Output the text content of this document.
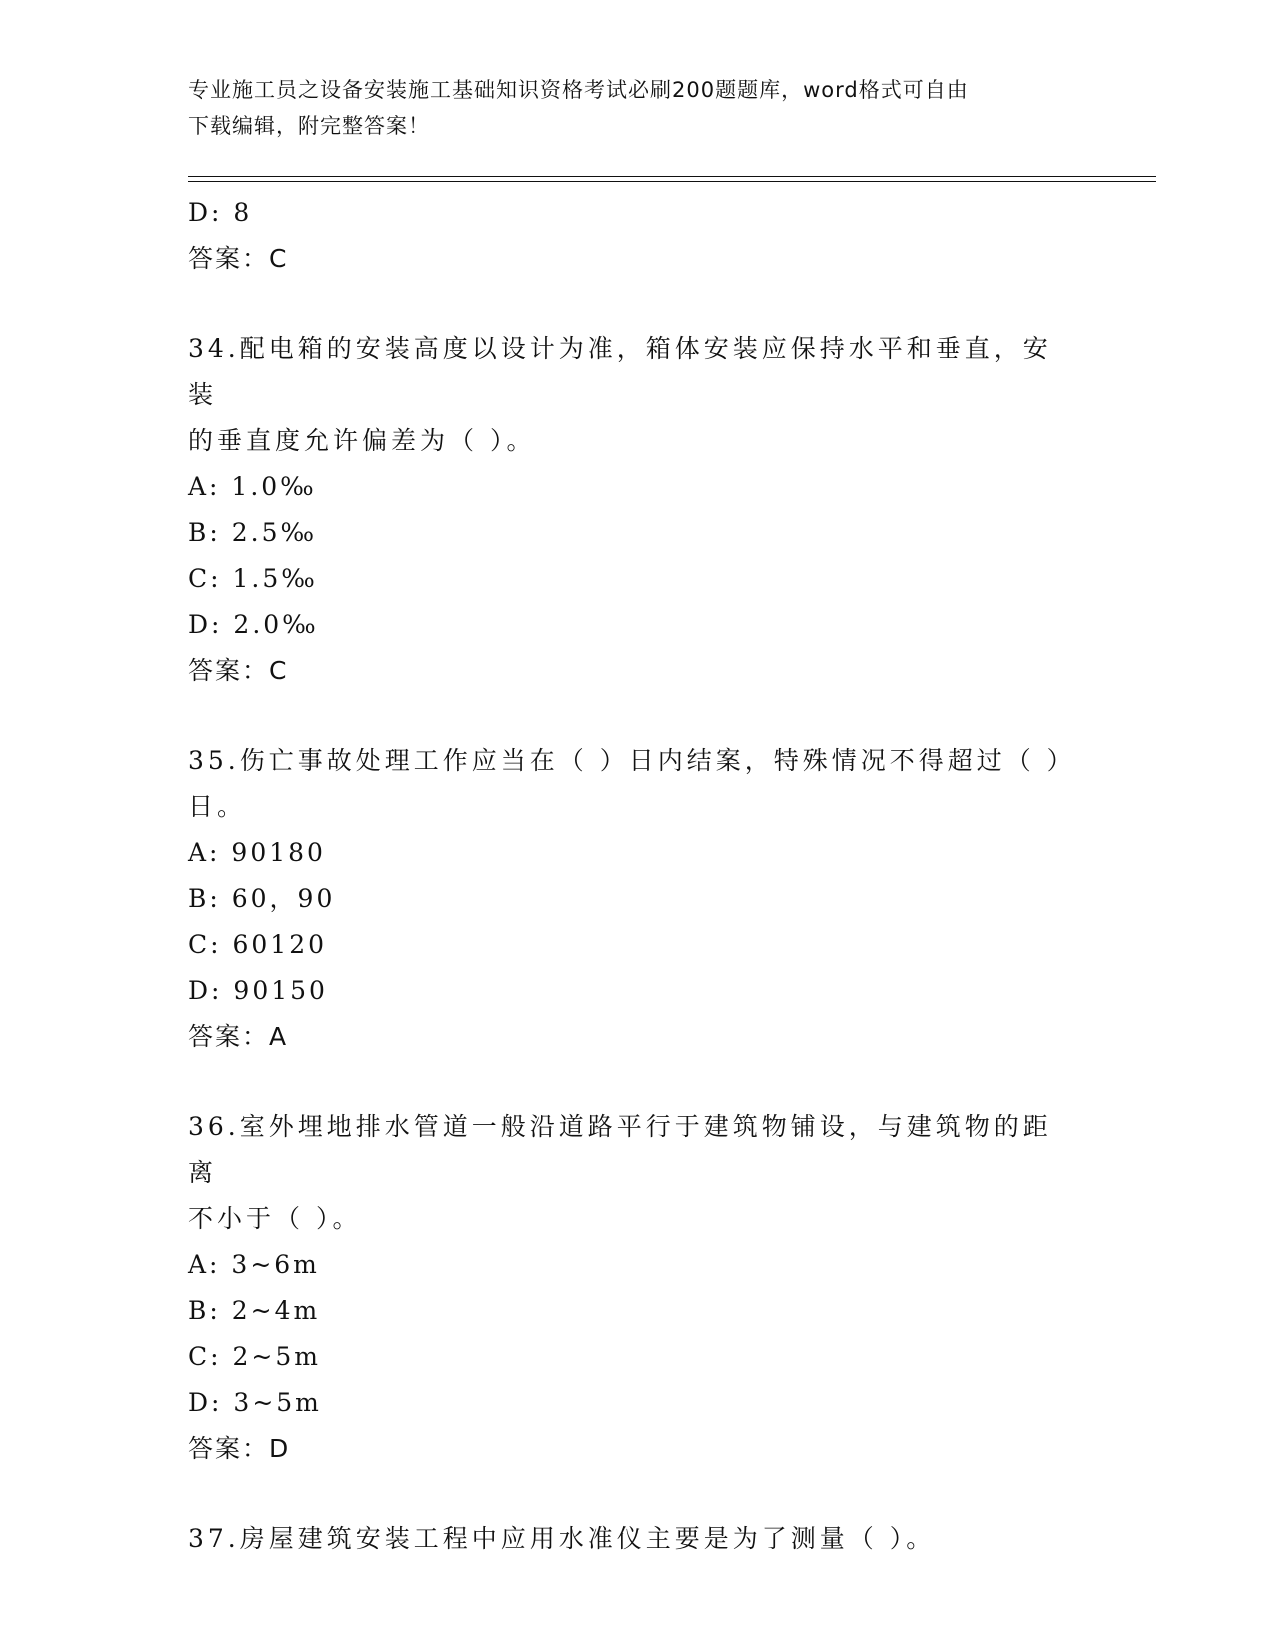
专业施工员之设备安装施工基础知识资格考试必刷200题题库，word格式可自由
下载编辑，附完整答案！
D: 8
答案：C
34.配电箱的安装高度以设计为准，箱体安装应保持水平和垂直，安装
的垂直度允许偏差为（ ）。
A: 1.0‰
B: 2.5‰
C: 1.5‰
D: 2.0‰
答案：C
35.伤亡事故处理工作应当在（ ）日内结案，特殊情况不得超过（ ）
日。
A: 90180
B: 60，90
C: 60120
D: 90150
答案：A
36.室外埋地排水管道一般沿道路平行于建筑物铺设，与建筑物的距离
不小于（ ）。
A: 3~6m
B: 2~4m
C: 2~5m
D: 3~5m
答案：D
37.房屋建筑安装工程中应用水准仪主要是为了测量（ ）。
